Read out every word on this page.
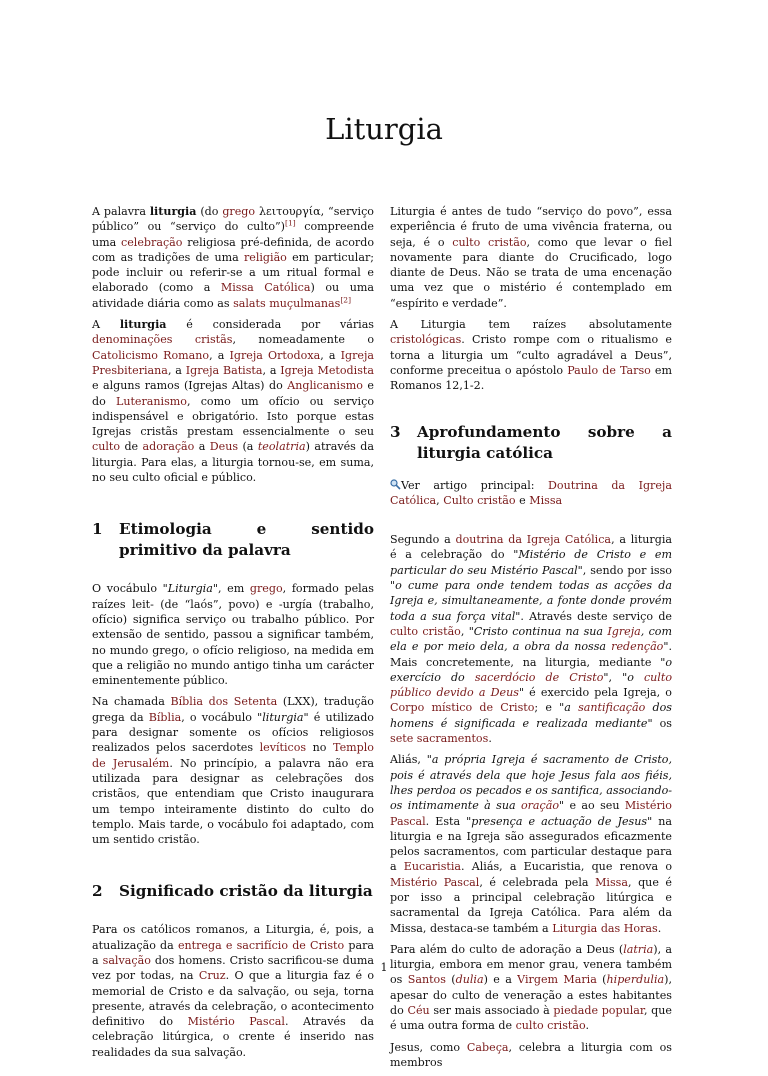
Liturgia

A palavra liturgia (do grego λειτουργία, “serviço público” ou “serviço do culto”)[1] compreende uma celebração religiosa pré-definida, de acordo com as tradições de uma religião em particular; pode incluir ou referir-se a um ritual formal e elaborado (como a Missa Católica) ou uma atividade diária como as salats muçulmanas[2]

A liturgia é considerada por várias denominações cristãs, nomeadamente o Catolicismo Romano, a Igreja Ortodoxa, a Igreja Presbiteriana, a Igreja Batista, a Igreja Metodista e alguns ramos (Igrejas Altas) do Anglicanismo e do Luteranismo, como um ofício ou serviço indispensável e obrigatório. Isto porque estas Igrejas cristãs prestam essencialmente o seu culto de adoração a Deus (a teolatria) através da liturgia. Para elas, a liturgia tornou-se, em suma, no seu culto oficial e público.

1	Etimologia e sentido primitivo da palavra

O vocábulo "Liturgia", em grego, formado pelas raízes leit- (de “laós”, povo) e -urgía (trabalho, ofício) significa serviço ou trabalho público. Por extensão de sentido, passou a significar também, no mundo grego, o ofício religioso, na medida em que a religião no mundo antigo tinha um carácter eminentemente público.

Na chamada Bíblia dos Setenta (LXX), tradução grega da Bíblia, o vocábulo "liturgia" é utilizado para designar somente os ofícios religiosos realizados pelos sacerdotes levíticos no Templo de Jerusalém. No princípio, a palavra não era utilizada para designar as celebrações dos cristãos, que entendiam que Cristo inaugurara um tempo inteiramente distinto do culto do templo. Mais tarde, o vocábulo foi adaptado, com um sentido cristão.

2	Significado cristão da liturgia

Para os católicos romanos, a Liturgia, é, pois, a atualização da entrega e sacrifício de Cristo para a salvação dos homens. Cristo sacrificou-se duma vez por todas, na Cruz. O que a liturgia faz é o memorial de Cristo e da salvação, ou seja, torna presente, através da celebração, o acontecimento definitivo do Mistério Pascal. Através da celebração litúrgica, o crente é inserido nas realidades da sua salvação.

Liturgia é antes de tudo “serviço do povo”, essa experiência é fruto de uma vivência fraterna, ou seja, é o culto cristão, como que levar o fiel novamente para diante do Crucificado, logo diante de Deus. Não se trata de uma encenação uma vez que o mistério é contemplado em “espírito e verdade”.

A Liturgia tem raízes absolutamente cristológicas. Cristo rompe com o ritualismo e torna a liturgia um “culto agradável a Deus”, conforme preceitua o apóstolo Paulo de Tarso em Romanos 12,1-2.

3	Aprofundamento sobre a liturgia católica

Ver artigo principal: Doutrina da Igreja Católica, Culto cristão e Missa

Segundo a doutrina da Igreja Católica, a liturgia é a celebração do "Mistério de Cristo e em particular do seu Mistério Pascal", sendo por isso "o cume para onde tendem todas as acções da Igreja e, simultaneamente, a fonte donde provém toda a sua força vital". Através deste serviço de culto cristão, "Cristo continua na sua Igreja, com ela e por meio dela, a obra da nossa redenção". Mais concretemente, na liturgia, mediante "o exercício do sacerdócio de Cristo", "o culto público devido a Deus" é exercido pela Igreja, o Corpo místico de Cristo; e "a santificação dos homens é significada e realizada mediante" os sete sacramentos.

Aliás, "a própria Igreja é sacramento de Cristo, pois é através dela que hoje Jesus fala aos fiéis, lhes perdoa os pecados e os santifica, associando-os intimamente à sua oração" e ao seu Mistério Pascal. Esta "presença e actuação de Jesus" na liturgia e na Igreja são assegurados eficazmente pelos sacramentos, com particular destaque para a Eucaristia. Aliás, a Eucaristia, que renova o Mistério Pascal, é celebrada pela Missa, que é por isso a principal celebração litúrgica e sacramental da Igreja Católica. Para além da Missa, destaca-se também a Liturgia das Horas.

Para além do culto de adoração a Deus (latria), a liturgia, embora em menor grau, venera também os Santos (dulia) e a Virgem Maria (hiperdulia), apesar do culto de veneração a estes habitantes do Céu ser mais associado à piedade popular, que é uma outra forma de culto cristão.

Jesus, como Cabeça, celebra a liturgia com os membros

1
